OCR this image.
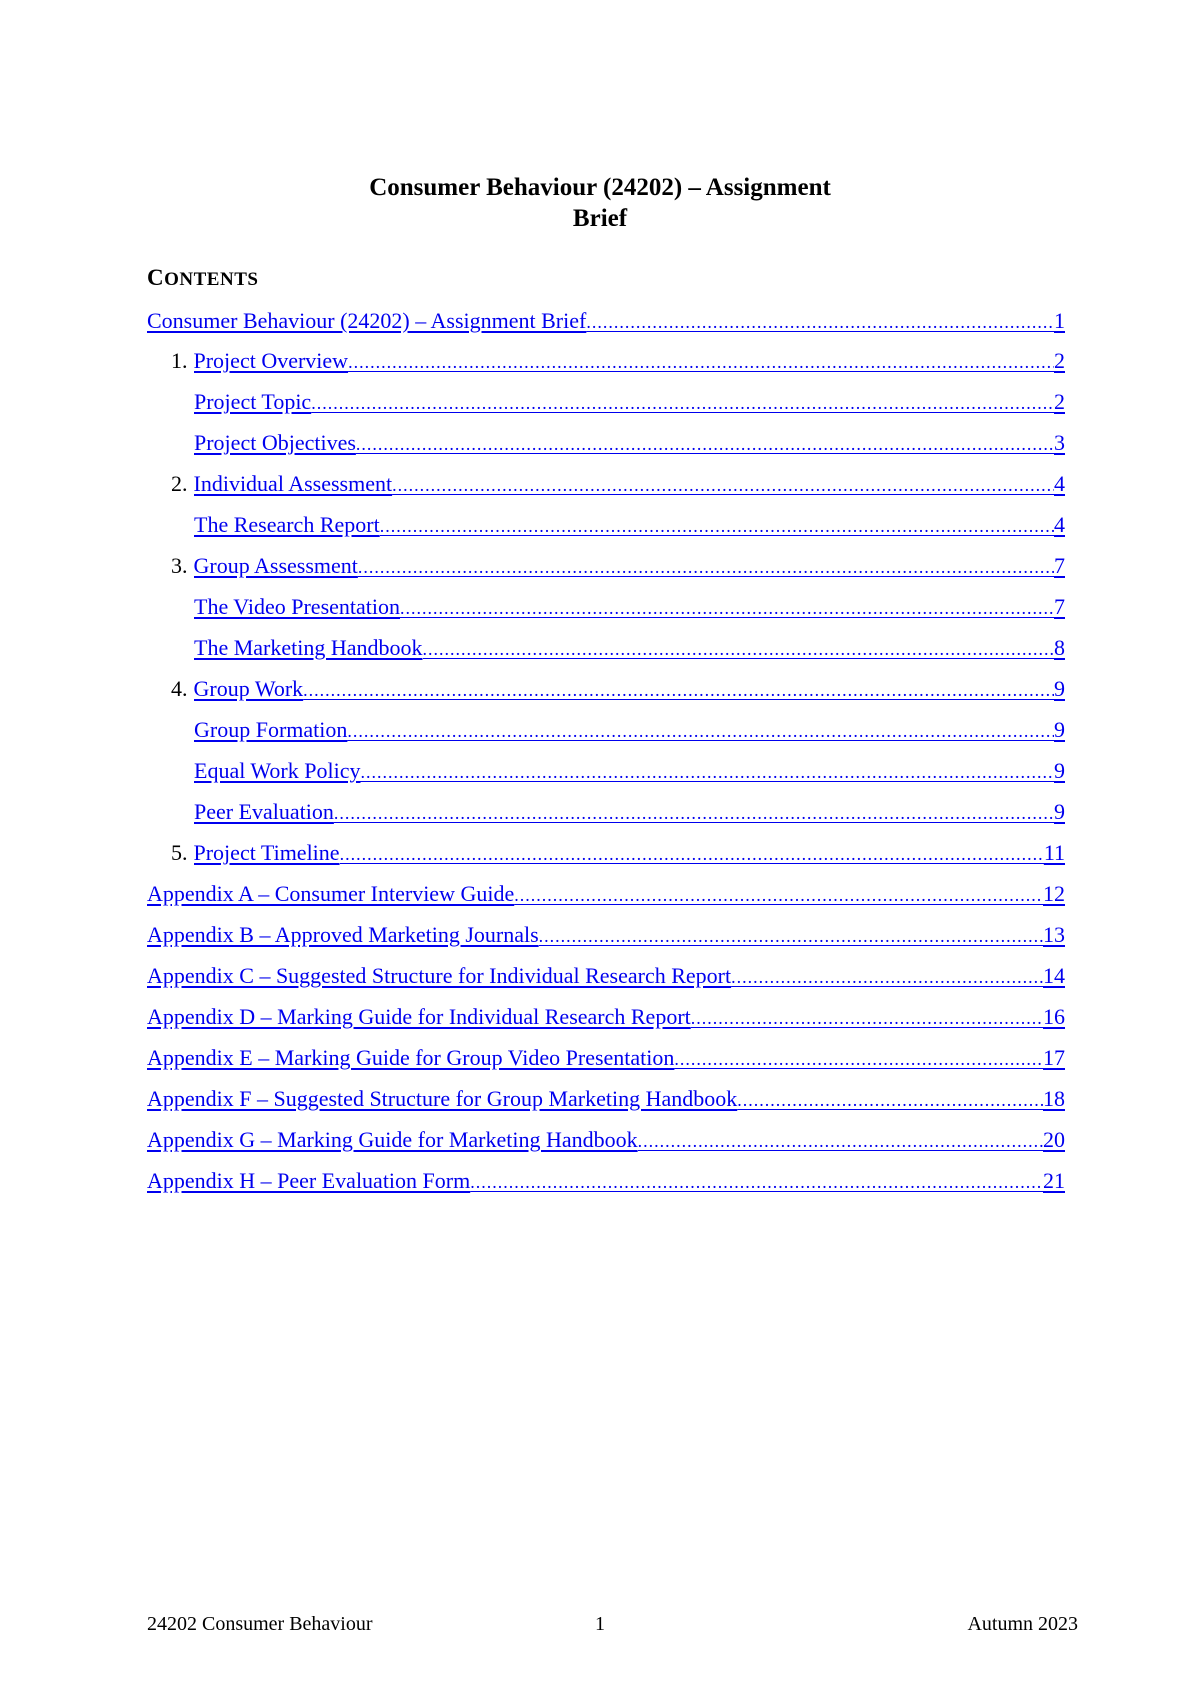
Consumer Behaviour (24202) – Assignment
Brief
CONTENTS
Consumer Behaviour (24202) – Assignment Brief .....	1
1. Project Overview .....	2
Project Topic .....	2
Project Objectives .....	3
2. Individual Assessment .....	4
The Research Report .....	4
3. Group Assessment .....	7
The Video Presentation .....	7
The Marketing Handbook .....	8
4. Group Work .....	9
Group Formation .....	9
Equal Work Policy .....	9
Peer Evaluation .....	9
5. Project Timeline .....	11
Appendix A – Consumer Interview Guide .....	12
Appendix B – Approved Marketing Journals .....	13
Appendix C – Suggested Structure for Individual Research Report .....	14
Appendix D – Marking Guide for Individual Research Report .....	16
Appendix E – Marking Guide for Group Video Presentation .....	17
Appendix F – Suggested Structure for Group Marketing Handbook .....	18
Appendix G – Marking Guide for Marketing Handbook .....	20
Appendix H – Peer Evaluation Form .....	21
24202 Consumer Behaviour	1	Autumn 2023
